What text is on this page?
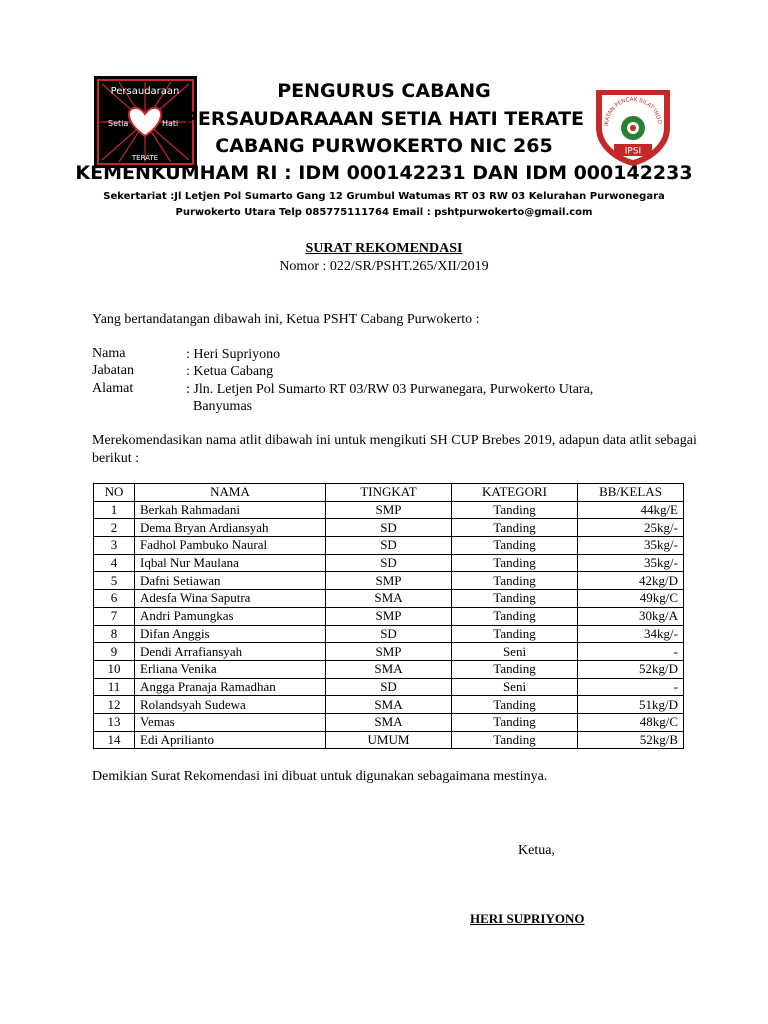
Persaudaraan
Setia	Hati
TERATE
IKATAN PENCAK SILAT INDO
IPSI
PENGURUS CABANG
PERSAUDARAAAN SETIA HATI TERATE
CABANG PURWOKERTO NIC 265
KEMENKUMHAM RI : IDM 000142231 DAN IDM 000142233
Sekertariat :Jl Letjen Pol Sumarto Gang 12 Grumbul Watumas RT 03 RW 03 Kelurahan Purwonegara
Purwokerto Utara Telp 085775111764 Email : pshtpurwokerto@gmail.com
SURAT REKOMENDASI
Nomor : 022/SR/PSHT.265/XII/2019
Yang bertandatangan dibawah ini, Ketua PSHT Cabang Purwokerto :
Nama	: Heri Supriyono
Jabatan	: Ketua Cabang
Alamat	: Jln. Letjen Pol Sumarto RT 03/RW 03 Purwanegara, Purwokerto Utara,
Banyumas
Merekomendasikan nama atlit dibawah ini untuk mengikuti SH CUP Brebes 2019, adapun data atlit sebagai berikut :
NO	NAMA	TINGKAT	KATEGORI	BB/KELAS
1	Berkah Rahmadani	SMP	Tanding	44kg/E
2	Dema Bryan Ardiansyah	SD	Tanding	25kg/-
3	Fadhol Pambuko Naural	SD	Tanding	35kg/-
4	Iqbal Nur Maulana	SD	Tanding	35kg/-
5	Dafni Setiawan	SMP	Tanding	42kg/D
6	Adesfa Wina Saputra	SMA	Tanding	49kg/C
7	Andri Pamungkas	SMP	Tanding	30kg/A
8	Difan Anggis	SD	Tanding	34kg/-
9	Dendi Arrafiansyah	SMP	Seni	-
10	Erliana Venika	SMA	Tanding	52kg/D
11	Angga Pranaja Ramadhan	SD	Seni	-
12	Rolandsyah Sudewa	SMA	Tanding	51kg/D
13	Vemas	SMA	Tanding	48kg/C
14	Edi Aprilianto	UMUM	Tanding	52kg/B
Demikian Surat Rekomendasi ini dibuat untuk digunakan sebagaimana mestinya.
Ketua,
HERI SUPRIYONO
